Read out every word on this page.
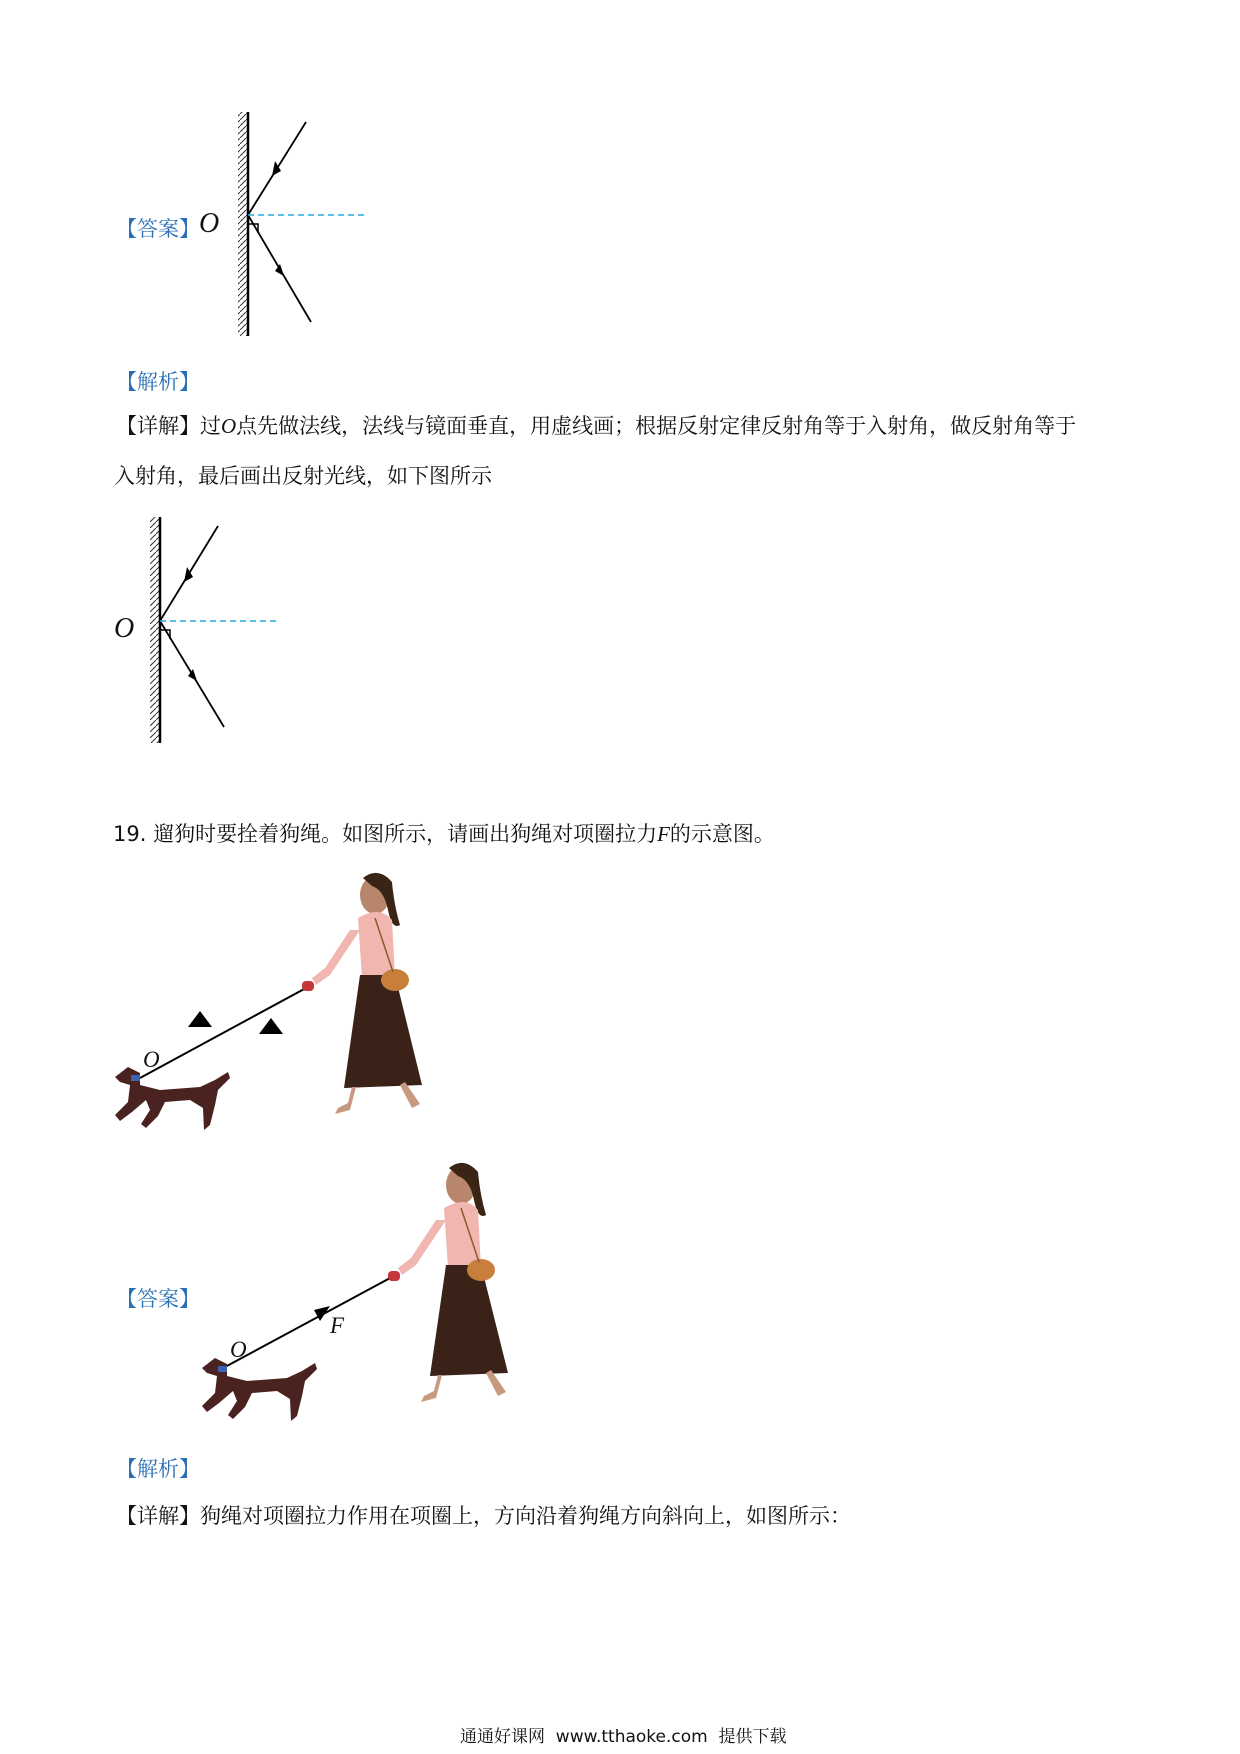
【答案】 O
【解析】
【详解】过O点先做法线，法线与镜面垂直，用虚线画；根据反射定律反射角等于入射角，做反射角等于
入射角，最后画出反射光线，如下图所示
O
19. 遛狗时要拴着狗绳。如图所示，请画出狗绳对项圈拉力F的示意图。
O
【答案】
O
F
【解析】
【详解】狗绳对项圈拉力作用在项圈上，方向沿着狗绳方向斜向上，如图所示：
通通好课网  www.tthaoke.com  提供下载
